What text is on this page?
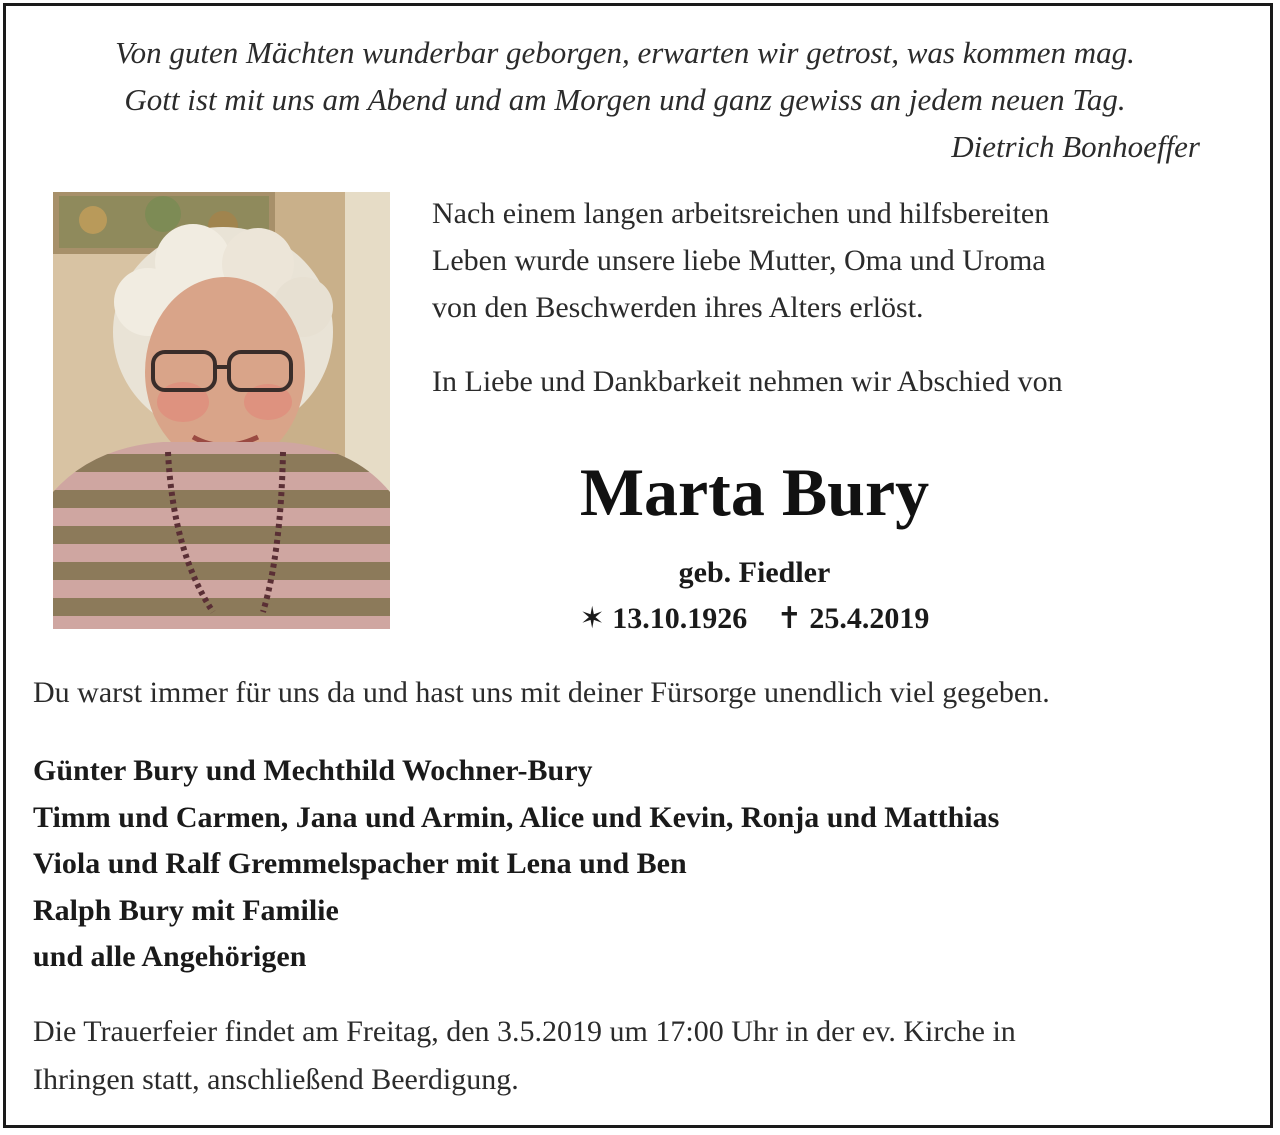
Von guten Mächten wunderbar geborgen, erwarten wir getrost, was kommen mag.
Gott ist mit uns am Abend und am Morgen und ganz gewiss an jedem neuen Tag.
Dietrich Bonhoeffer

Nach einem langen arbeitsreichen und hilfsbereiten

Leben wurde unsere liebe Mutter, Oma und Uroma

von den Beschwerden ihres Alters erlöst.

In Liebe und Dankbarkeit nehmen wir Abschied von
Marta Bury
geb. Fiedler
✶ 13.10.1926 ✝ 25.4.2019
Du warst immer für uns da und hast uns mit deiner Fürsorge unendlich viel gegeben.
Günter Bury und Mechthild Wochner-Bury
Timm und Carmen, Jana und Armin, Alice und Kevin, Ronja und Matthias
Viola und Ralf Gremmelspacher mit Lena und Ben
Ralph Bury mit Familie
und alle Angehörigen
Die Trauerfeier findet am Freitag, den 3.5.2019 um 17:00 Uhr in der ev. Kirche in
Ihringen statt, anschließend Beerdigung.
